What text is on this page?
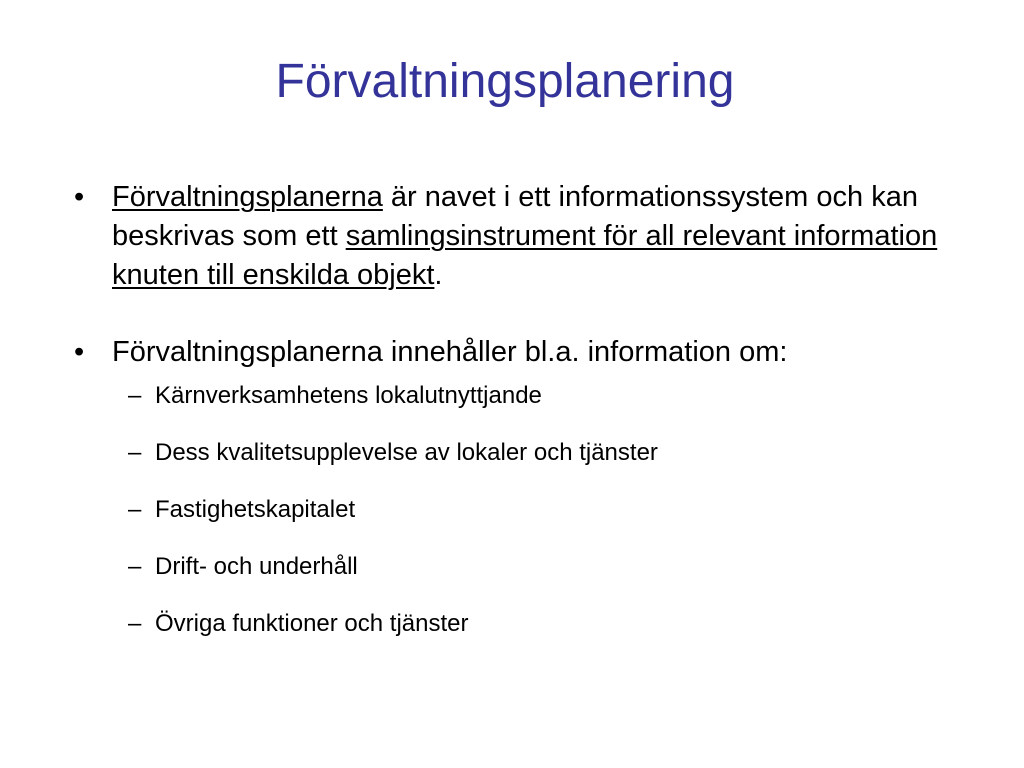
Förvaltningsplanering

• Förvaltningsplanerna är navet i ett informationssystem och kan beskrivas som ett samlingsinstrument för all relevant information knuten till enskilda objekt.

• Förvaltningsplanerna innehåller bl.a. information om:

– Kärnverksamhetens lokalutnyttjande
– Dess kvalitetsupplevelse av lokaler och tjänster
– Fastighetskapitalet
– Drift- och underhåll
– Övriga funktioner och tjänster
